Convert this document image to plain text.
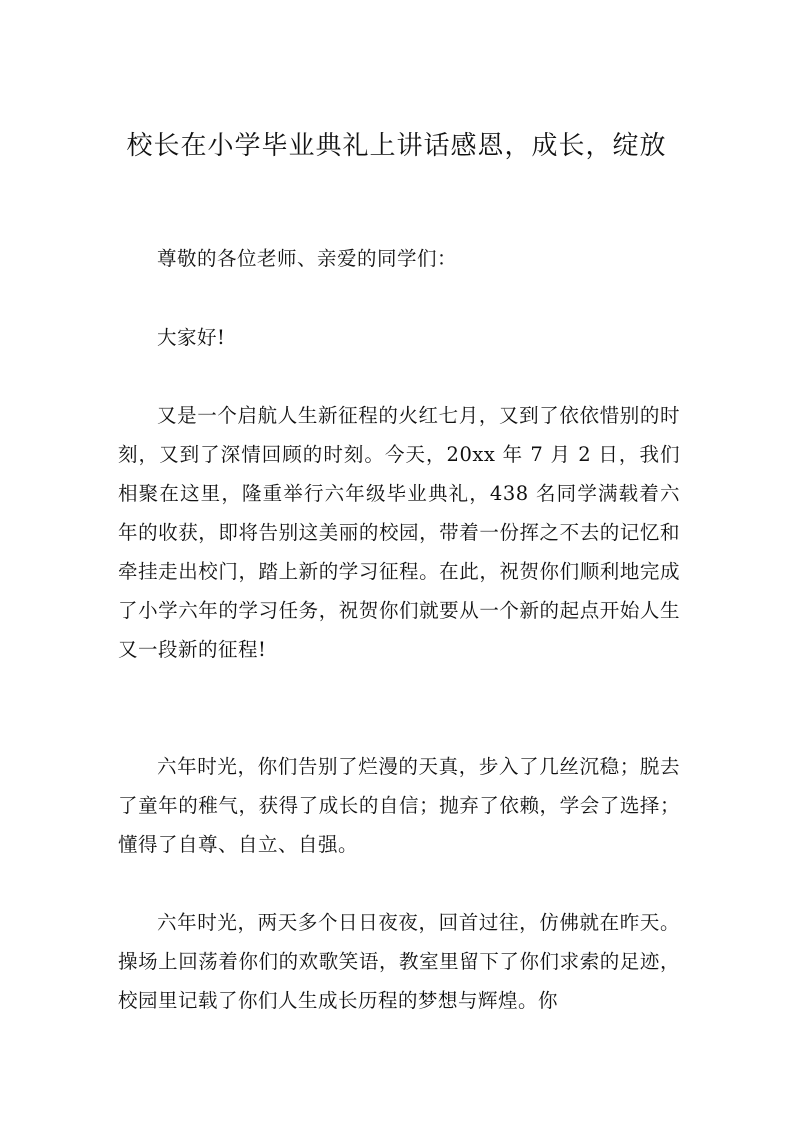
校长在小学毕业典礼上讲话感恩，成长，绽放

尊敬的各位老师、亲爱的同学们：

大家好!

又是一个启航人生新征程的火红七月，又到了依依惜别的时刻，又到了深情回顾的时刻。今天，20xx 年 7 月 2 日，我们相聚在这里，隆重举行六年级毕业典礼，438 名同学满载着六年的收获，即将告别这美丽的校园，带着一份挥之不去的记忆和牵挂走出校门，踏上新的学习征程。在此，祝贺你们顺利地完成了小学六年的学习任务，祝贺你们就要从一个新的起点开始人生又一段新的征程!

六年时光，你们告别了烂漫的天真，步入了几丝沉稳；脱去了童年的稚气，获得了成长的自信；抛弃了依赖，学会了选择；懂得了自尊、自立、自强。

六年时光，两天多个日日夜夜，回首过往，仿佛就在昨天。操场上回荡着你们的欢歌笑语，教室里留下了你们求索的足迹，校园里记载了你们人生成长历程的梦想与辉煌。你
